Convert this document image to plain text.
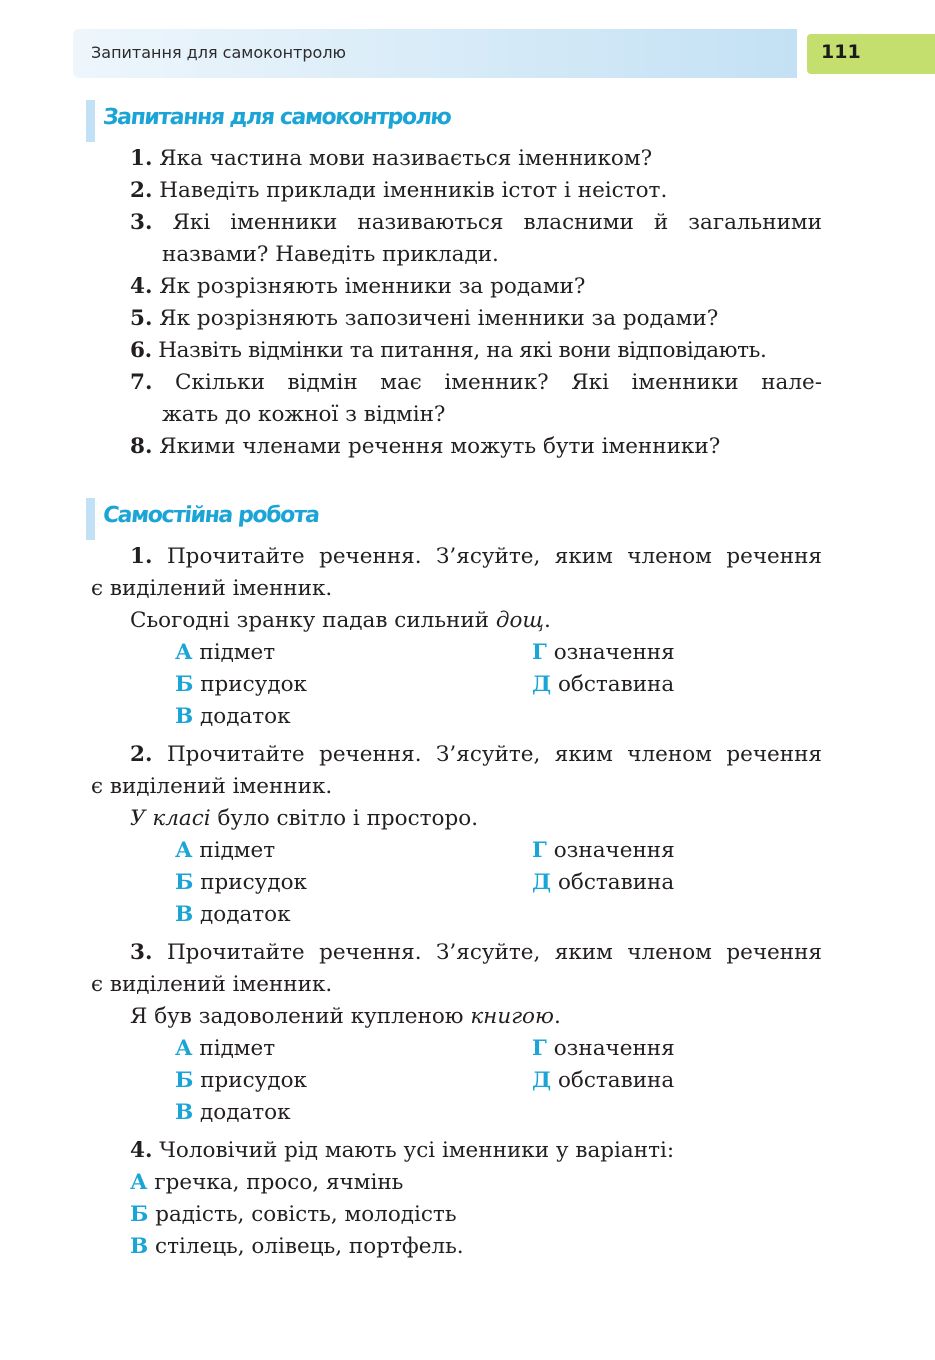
Запитання для самоконтролю	111
Запитання для самоконтролю
1. Яка частина мови називається іменником?
2. Наведіть приклади іменників істот і неістот.
3. Які іменники називаються власними й загальними
назвами? Наведіть приклади.
4. Як розрізняють іменники за родами?
5. Як розрізняють запозичені іменники за родами?
6. Назвіть відмінки та питання, на які вони відповідають.
7. Скільки відмін має іменник? Які іменники нале-
жать до кожної з відмін?
8. Якими членами речення можуть бути іменники?
Самостійна робота
1. Прочитайте речення. З’ясуйте, яким членом речення
є виділений іменник.
Сьогодні зранку падав сильний дощ.
А підмет
Б присудок
В додаток
Г означення
Д обставина
2. Прочитайте речення. З’ясуйте, яким членом речення
є виділений іменник.
У класі було світло і просторо.
А підмет
Б присудок
В додаток
Г означення
Д обставина
3. Прочитайте речення. З’ясуйте, яким членом речення
є виділений іменник.
Я був задоволений купленою книгою.
А підмет
Б присудок
В додаток
Г означення
Д обставина
4. Чоловічий рід мають усі іменники у варіанті:
А гречка, просо, ячмінь
Б радість, совість, молодість
В стілець, олівець, портфель.
